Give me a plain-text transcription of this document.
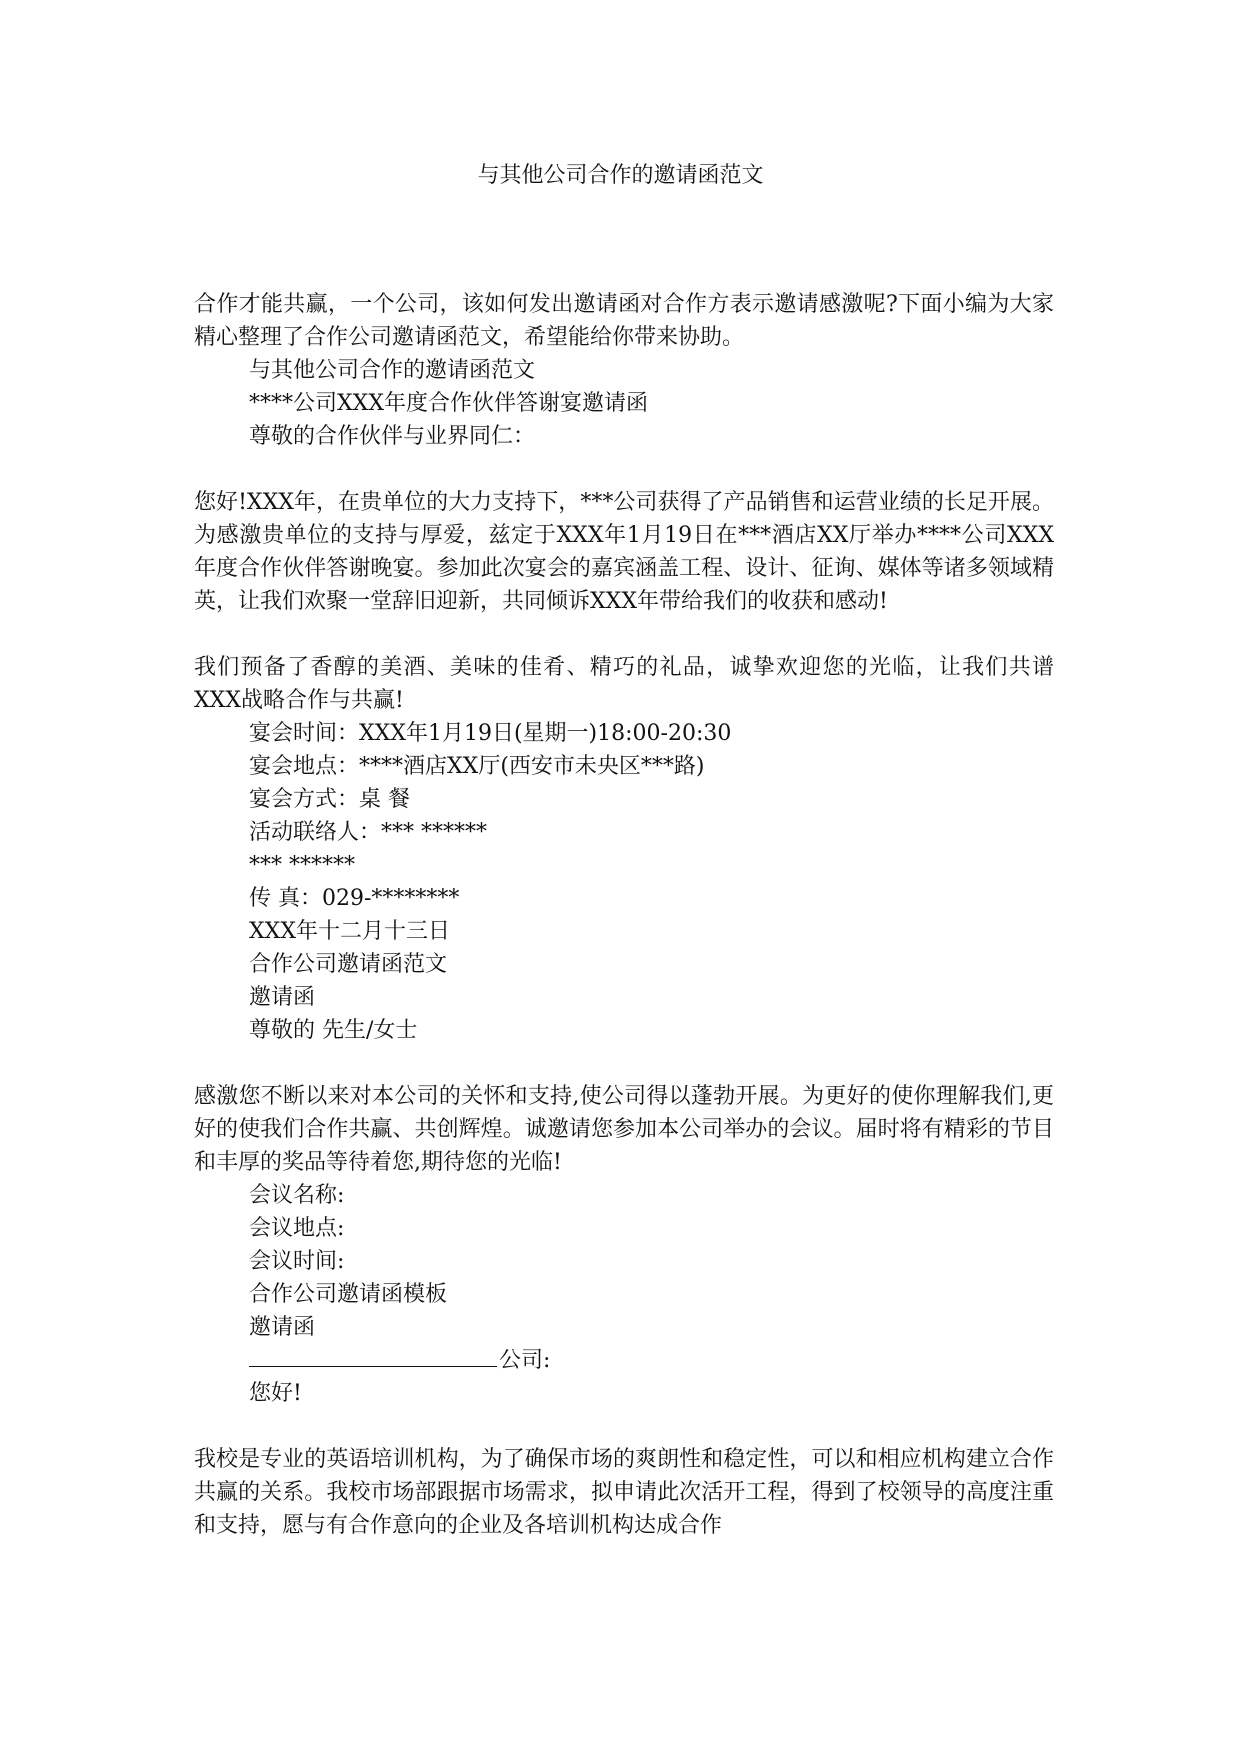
与其他公司合作的邀请函范文

合作才能共赢，一个公司，该如何发出邀请函对合作方表示邀请感激呢?下面小编为大家精心整理了合作公司邀请函范文，希望能给你带来协助。

与其他公司合作的邀请函范文

****公司XXX年度合作伙伴答谢宴邀请函

尊敬的合作伙伴与业界同仁：

您好!XXX年，在贵单位的大力支持下，***公司获得了产品销售和运营业绩的长足开展。为感激贵单位的支持与厚爱，兹定于XXX年1月19日在***酒店XX厅举办****公司XXX年度合作伙伴答谢晚宴。参加此次宴会的嘉宾涵盖工程、设计、征询、媒体等诸多领域精英，让我们欢聚一堂辞旧迎新，共同倾诉XXX年带给我们的收获和感动!

我们预备了香醇的美酒、美味的佳肴、精巧的礼品，诚挚欢迎您的光临，让我们共谱XXX战略合作与共赢!

宴会时间：XXX年1月19日(星期一)18:00-20:30

宴会地点：****酒店XX厅(西安市未央区***路)

宴会方式：桌 餐

活动联络人：*** ******

*** ******

传 真：029-********

XXX年十二月十三日

合作公司邀请函范文

邀请函

尊敬的 先生/女士

感激您不断以来对本公司的关怀和支持,使公司得以蓬勃开展。为更好的使你理解我们,更好的使我们合作共赢、共创辉煌。诚邀请您参加本公司举办的会议。届时将有精彩的节目和丰厚的奖品等待着您,期待您的光临!

会议名称:

会议地点:

会议时间:

合作公司邀请函模板

邀请函

公司:

您好!

我校是专业的英语培训机构，为了确保市场的爽朗性和稳定性，可以和相应机构建立合作共赢的关系。我校市场部跟据市场需求，拟申请此次活开工程，得到了校领导的高度注重和支持，愿与有合作意向的企业及各培训机构达成合作
